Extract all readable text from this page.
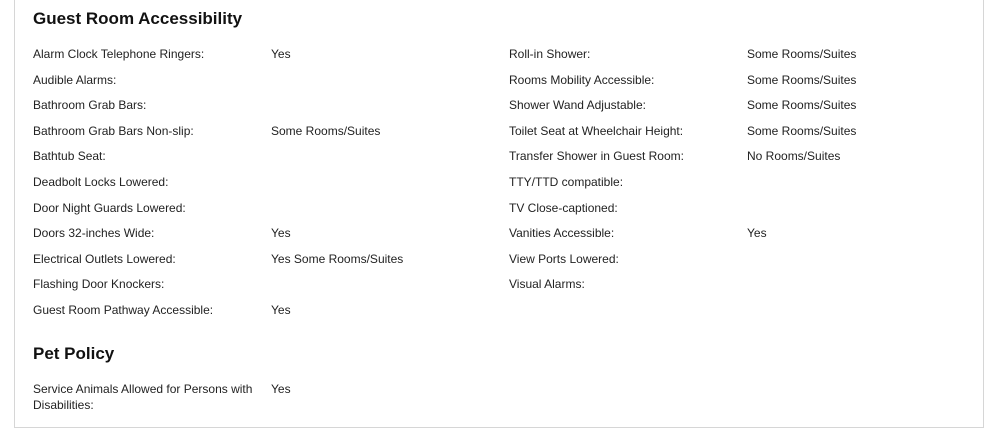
Guest Room Accessibility
Alarm Clock Telephone Ringers:	Yes
Audible Alarms:
Bathroom Grab Bars:
Bathroom Grab Bars Non-slip:	Some Rooms/Suites
Bathtub Seat:
Deadbolt Locks Lowered:
Door Night Guards Lowered:
Doors 32-inches Wide:	Yes
Electrical Outlets Lowered:	Yes Some Rooms/Suites
Flashing Door Knockers:
Guest Room Pathway Accessible:	Yes
Roll-in Shower:	Some Rooms/Suites
Rooms Mobility Accessible:	Some Rooms/Suites
Shower Wand Adjustable:	Some Rooms/Suites
Toilet Seat at Wheelchair Height:	Some Rooms/Suites
Transfer Shower in Guest Room:	No Rooms/Suites
TTY/TTD compatible:
TV Close-captioned:
Vanities Accessible:	Yes
View Ports Lowered:
Visual Alarms:
Pet Policy
Service Animals Allowed for Persons with Disabilities:
Yes
